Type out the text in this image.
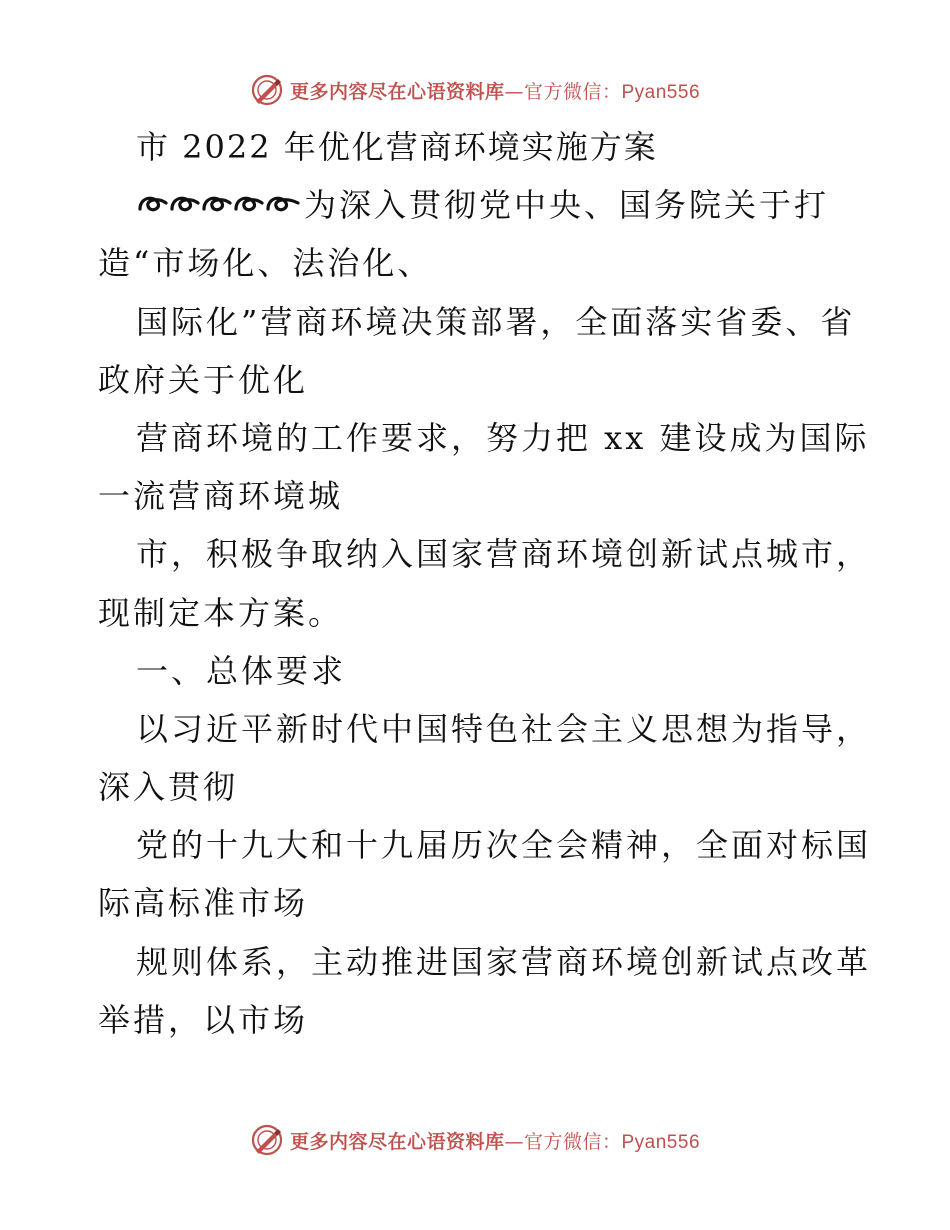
更多内容尽在心语资料库—官方微信：Pyan556
市 2022 年优化营商环境实施方案
为深入贯彻党中央、国务院关于打
造“市场化、法治化、
国际化”营商环境决策部署，全面落实省委、省
政府关于优化
营商环境的工作要求，努力把 xx 建设成为国际
一流营商环境城
市，积极争取纳入国家营商环境创新试点城市，
现制定本方案。
一、总体要求
以习近平新时代中国特色社会主义思想为指导，
深入贯彻
党的十九大和十九届历次全会精神，全面对标国
际高标准市场
规则体系，主动推进国家营商环境创新试点改革
举措，以市场
更多内容尽在心语资料库—官方微信：Pyan556
